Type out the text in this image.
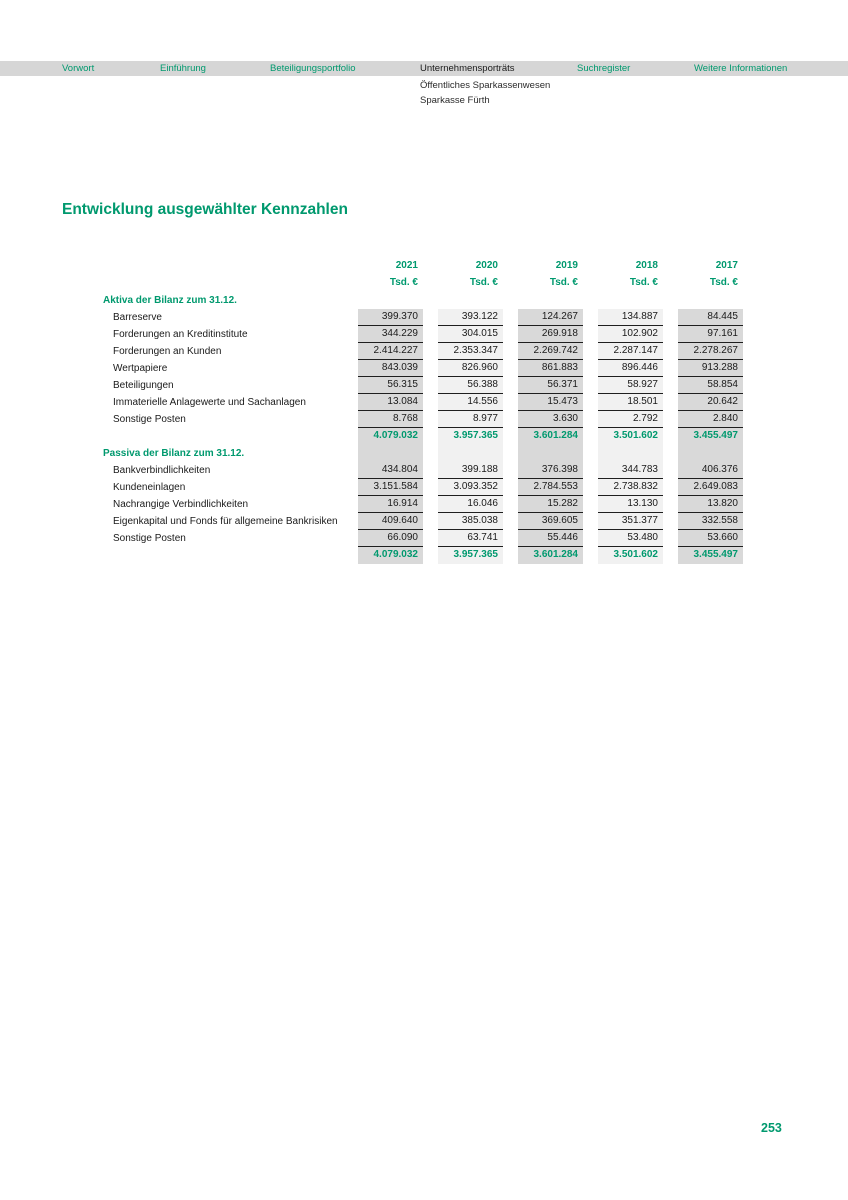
Vorwort	Einführung	Beteiligungsportfolio	Unternehmensporträts	Suchregister	Weitere Informationen
Öffentliches Sparkassenwesen
Sparkasse Fürth
Entwicklung ausgewählter Kennzahlen
2021	2020	2019	2018	2017
Tsd. €	Tsd. €	Tsd. €	Tsd. €	Tsd. €
Aktiva der Bilanz zum 31.12.
Barreserve	399.370	393.122	124.267	134.887	84.445
Forderungen an Kreditinstitute	344.229	304.015	269.918	102.902	97.161
Forderungen an Kunden	2.414.227	2.353.347	2.269.742	2.287.147	2.278.267
Wertpapiere	843.039	826.960	861.883	896.446	913.288
Beteiligungen	56.315	56.388	56.371	58.927	58.854
Immaterielle Anlagewerte und Sachanlagen	13.084	14.556	15.473	18.501	20.642
Sonstige Posten	8.768	8.977	3.630	2.792	2.840
4.079.032	3.957.365	3.601.284	3.501.602	3.455.497
Passiva der Bilanz zum 31.12.
Bankverbindlichkeiten	434.804	399.188	376.398	344.783	406.376
Kundeneinlagen	3.151.584	3.093.352	2.784.553	2.738.832	2.649.083
Nachrangige Verbindlichkeiten	16.914	16.046	15.282	13.130	13.820
Eigenkapital und Fonds für allgemeine Bankrisiken	409.640	385.038	369.605	351.377	332.558
Sonstige Posten	66.090	63.741	55.446	53.480	53.660
4.079.032	3.957.365	3.601.284	3.501.602	3.455.497
253
